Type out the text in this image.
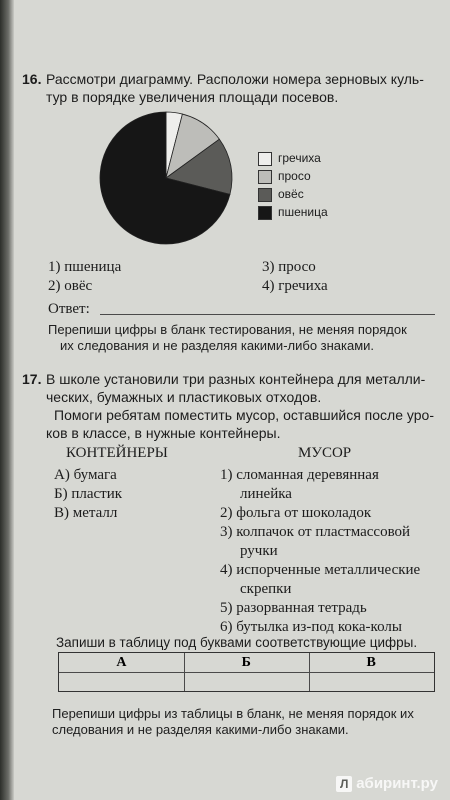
16. Рассмотри диаграмму. Расположи номера зерновых куль-
тур в порядке увеличения площади посевов.
гречиха
просо
овёс
пшеница
1) пшеница
2) овёс
3) просо
4) гречиха
Ответ:
Перепиши цифры в бланк тестирования, не меняя порядок
их следования и не разделяя какими-либо знаками.
17. В школе установили три разных контейнера для металли-
ческих, бумажных и пластиковых отходов.
Помоги ребятам поместить мусор, оставшийся после уро-
ков в классе, в нужные контейнеры.
КОНТЕЙНЕРЫ	МУСОР
А) бумага
Б) пластик
В) металл
1) сломанная деревянная
линейка
2) фольга от шоколадок
3) колпачок от пластмассовой
ручки
4) испорченные металлические
скрепки
5) разорванная тетрадь
6) бутылка из-под кока-колы
Запиши в таблицу под буквами соответствующие цифры.
А	Б	В
Перепиши цифры из таблицы в бланк, не меняя порядок их
следования и не разделяя какими-либо знаками.
Л абиринт.ру
